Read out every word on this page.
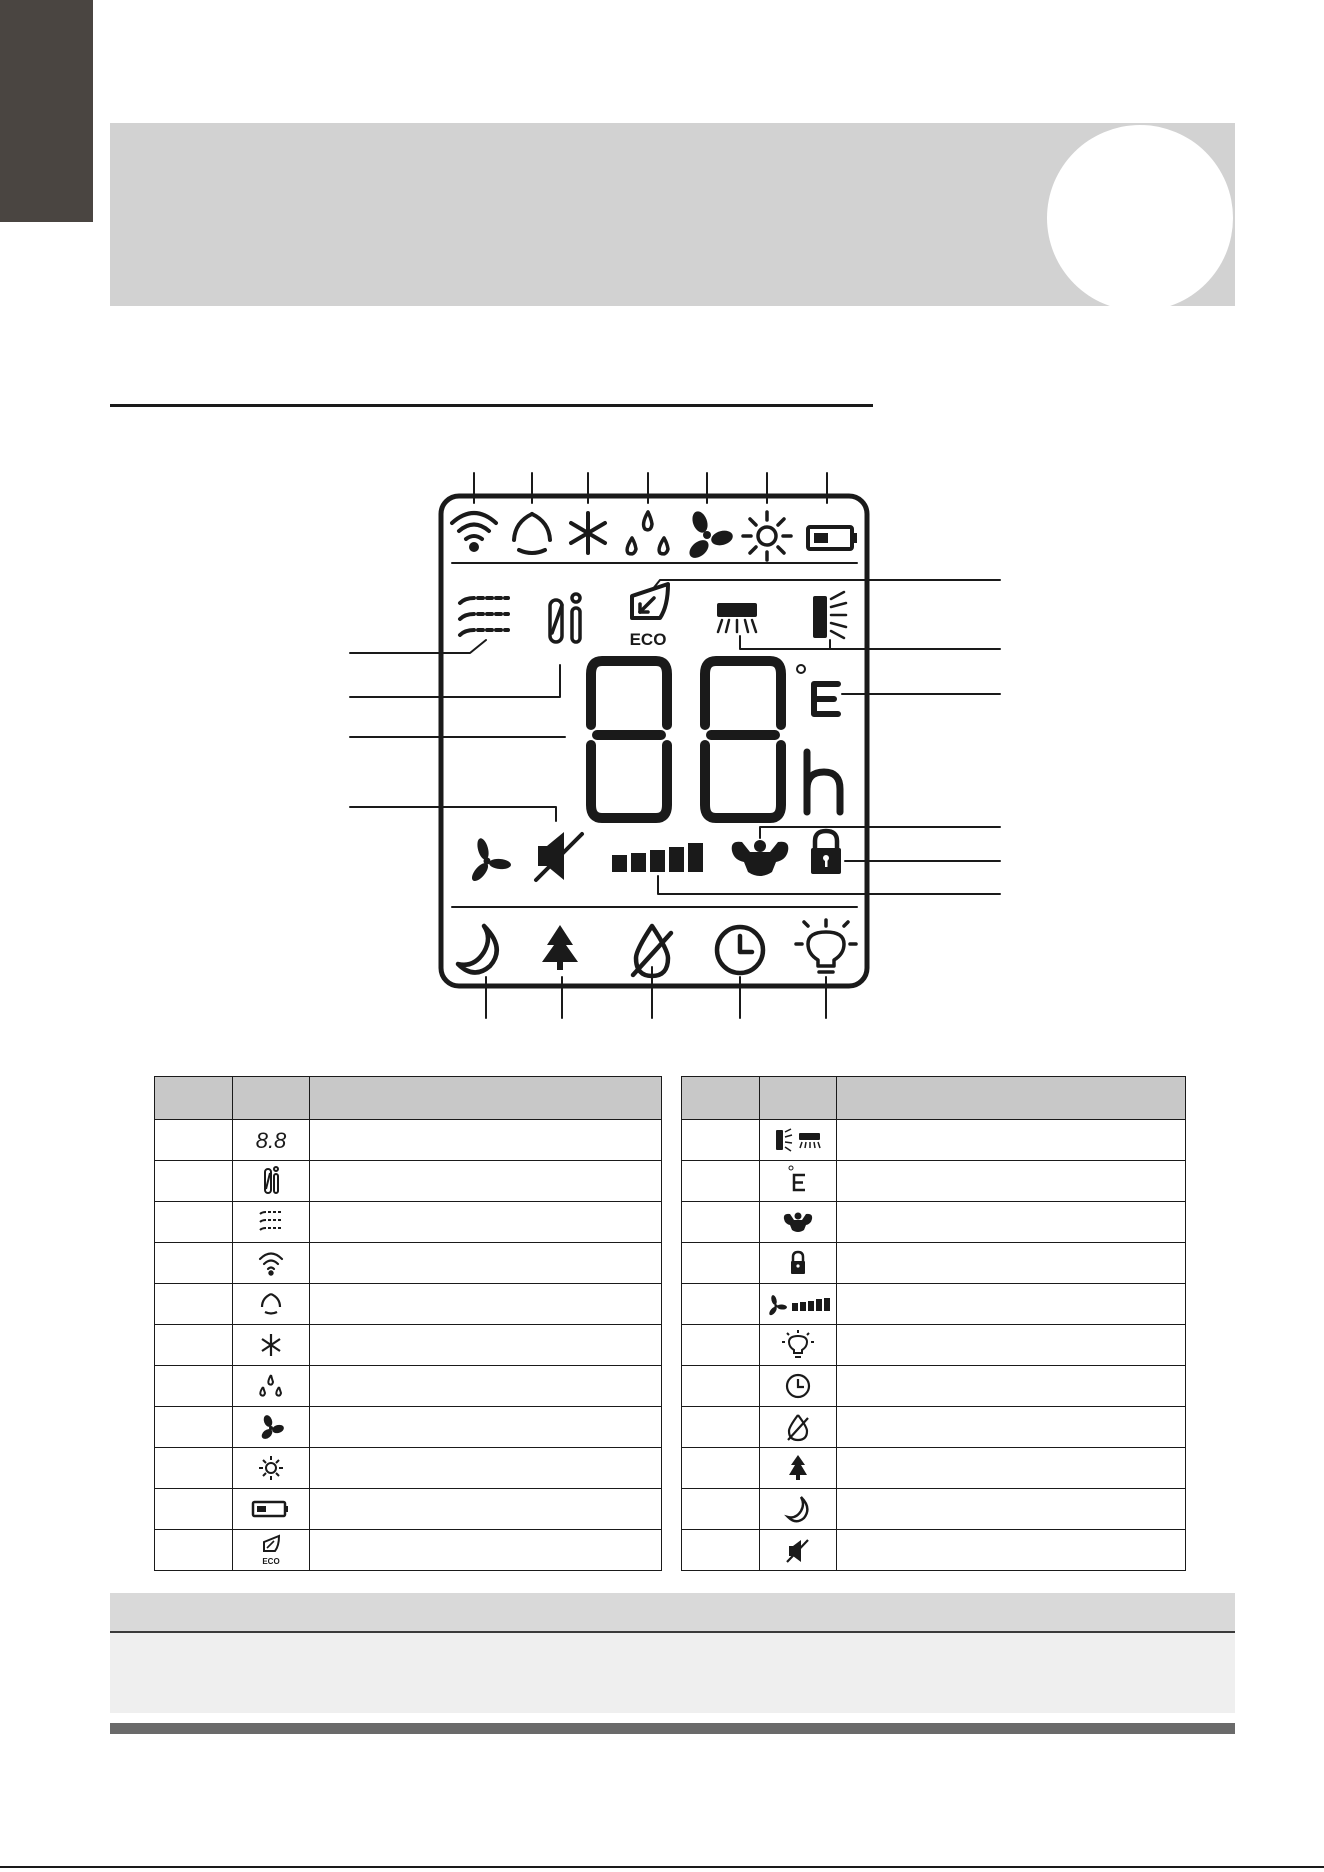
ECO
